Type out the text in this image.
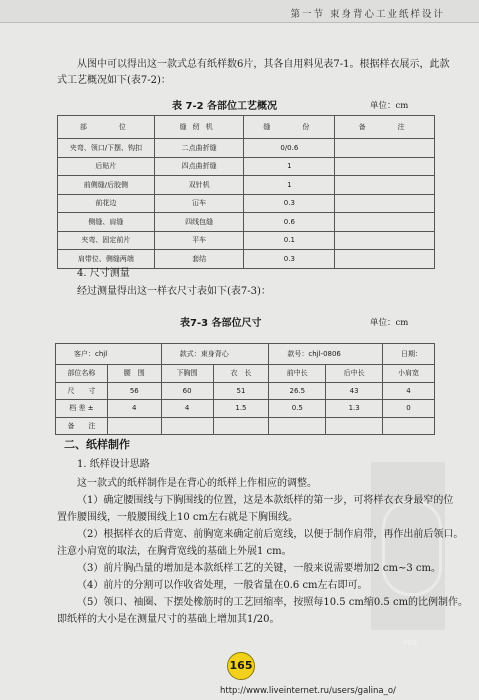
第一节 束身背心工业纸样设计
从图中可以得出这一款式总有纸样数6片，其各自用料见表7-1。根据样衣展示，此款
式工艺概况如下(表7-2)：
表 7-2 各部位工艺概况	单位：cm
部　　位	缝纫机	缝　　份	备　　注
夹弯、领口/下摆、钩扣	二点曲折缝	0/0.6	
后贴片	四点曲折缝	1	
前侧缝/后胶侧	双针机	1	
前花边	冚车	0.3	
侧缝、肩缝	四线包缝	0.6	
夹弯、固定前片	平车	0.1	
肩带位、侧缝两端	套结	0.3	
4. 尺寸测量
经过测量得出这一样衣尺寸表如下(表7-3)：
表7-3 各部位尺寸	单位：cm
客户：chjl		款式：束身背心		款号：chjl-0806		日期：
部位名称	腰　围	下胸围	衣　长	前中长	后中长	小肩宽
尺　　寸	56	60	51	26.5	43	4
档 差 ±	4	4	1.5	0.5	1.3	0
备　　注						
PDG
二、纸样制作
1. 纸样设计思路
这一款式的纸样制作是在背心的纸样上作相应的调整。
（1）确定腰围线与下胸围线的位置，这是本款纸样的第一步，可将样衣衣身最窄的位
置作腰围线，一般腰围线上10 cm左右就是下胸围线。
（2）根据样衣的后背宽、前胸宽来确定前后宽线，以便于制作肩带，再作出前后领口。
注意小肩宽的取法，在胸背宽线的基础上外展1 cm。
（3）前片胸凸量的增加是本款纸样工艺的关键，一般来说需要增加2 cm~3 cm。
（4）前片的分割可以作收省处理，一般省量在0.6 cm左右即可。
（5）领口、袖圈、下摆处橡筋时的工艺回缩率，按照每10.5 cm缩0.5 cm的比例制作。
即纸样的大小是在测量尺寸的基础上增加其1/20。
165
http://www.liveinternet.ru/users/galina_o/
